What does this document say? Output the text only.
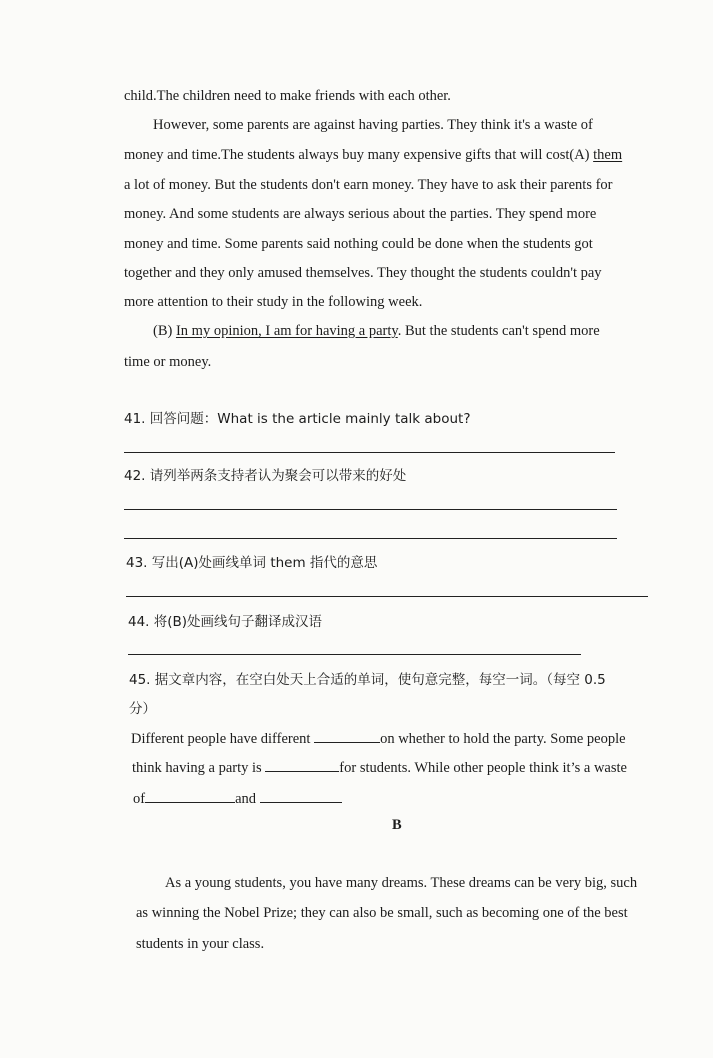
child.The children need to make friends with each other.
However, some parents are against having parties. They think it's a waste of
money and time.The students always buy many expensive gifts that will cost(A) them
a lot of money. But the students don't earn money. They have to ask their parents for
money. And some students are always serious about the parties. They spend more
money and time. Some parents said nothing could be done when the students got
together and they only amused themselves. They thought the students couldn't pay
more attention to their study in the following week.
(B) In my opinion, I am for having a party. But the students can't spend more
time or money.
41. 回答问题：What is the article mainly talk about?
42. 请列举两条支持者认为聚会可以带来的好处
43. 写出(A)处画线单词 them 指代的意思
44. 将(B)处画线句子翻译成汉语
45. 据文章内容，在空白处天上合适的单词，使句意完整，每空一词。（每空 0.5
分）
Different people have different	on whether to hold the party. Some people
think having a party is	for students. While other people think it’s a waste
of	and
B
As a young students, you have many dreams. These dreams can be very big, such
as winning the Nobel Prize; they can also be small, such as becoming one of the best
students in your class.
